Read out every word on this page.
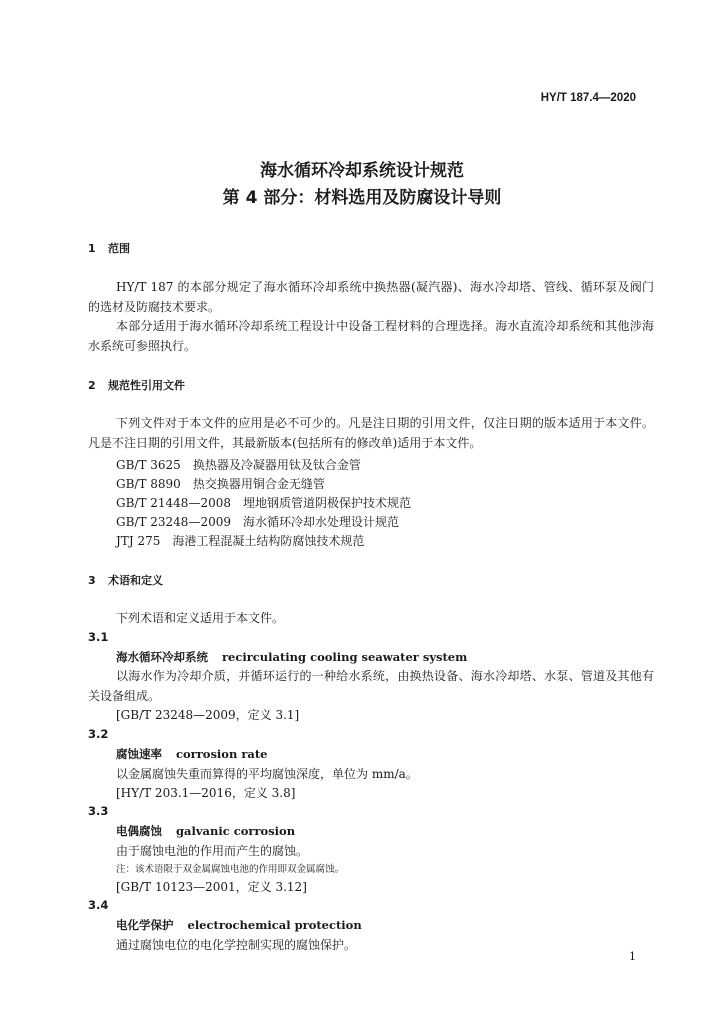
HY/T 187.4—2020
海水循环冷却系统设计规范
第 4 部分：材料选用及防腐设计导则
1 范围
HY/T 187 的本部分规定了海水循环冷却系统中换热器(凝汽器)、海水冷却塔、管线、循环泵及阀门的选材及防腐技术要求。
本部分适用于海水循环冷却系统工程设计中设备工程材料的合理选择。海水直流冷却系统和其他涉海水系统可参照执行。
2 规范性引用文件
下列文件对于本文件的应用是必不可少的。凡是注日期的引用文件，仅注日期的版本适用于本文件。凡是不注日期的引用文件，其最新版本(包括所有的修改单)适用于本文件。
GB/T 3625 换热器及冷凝器用钛及钛合金管
GB/T 8890 热交换器用铜合金无缝管
GB/T 21448—2008 埋地钢质管道阴极保护技术规范
GB/T 23248—2009 海水循环冷却水处理设计规范
JTJ 275 海港工程混凝土结构防腐蚀技术规范
3 术语和定义
下列术语和定义适用于本文件。
3.1
海水循环冷却系统 recirculating cooling seawater system
以海水作为冷却介质，并循环运行的一种给水系统，由换热设备、海水冷却塔、水泵、管道及其他有关设备组成。
[GB/T 23248—2009，定义 3.1]
3.2
腐蚀速率 corrosion rate
以金属腐蚀失重而算得的平均腐蚀深度，单位为 mm/a。
[HY/T 203.1—2016，定义 3.8]
3.3
电偶腐蚀 galvanic corrosion
由于腐蚀电池的作用而产生的腐蚀。
注：该术语限于双金属腐蚀电池的作用即双金属腐蚀。
[GB/T 10123—2001，定义 3.12]
3.4
电化学保护 electrochemical protection
通过腐蚀电位的电化学控制实现的腐蚀保护。
1
